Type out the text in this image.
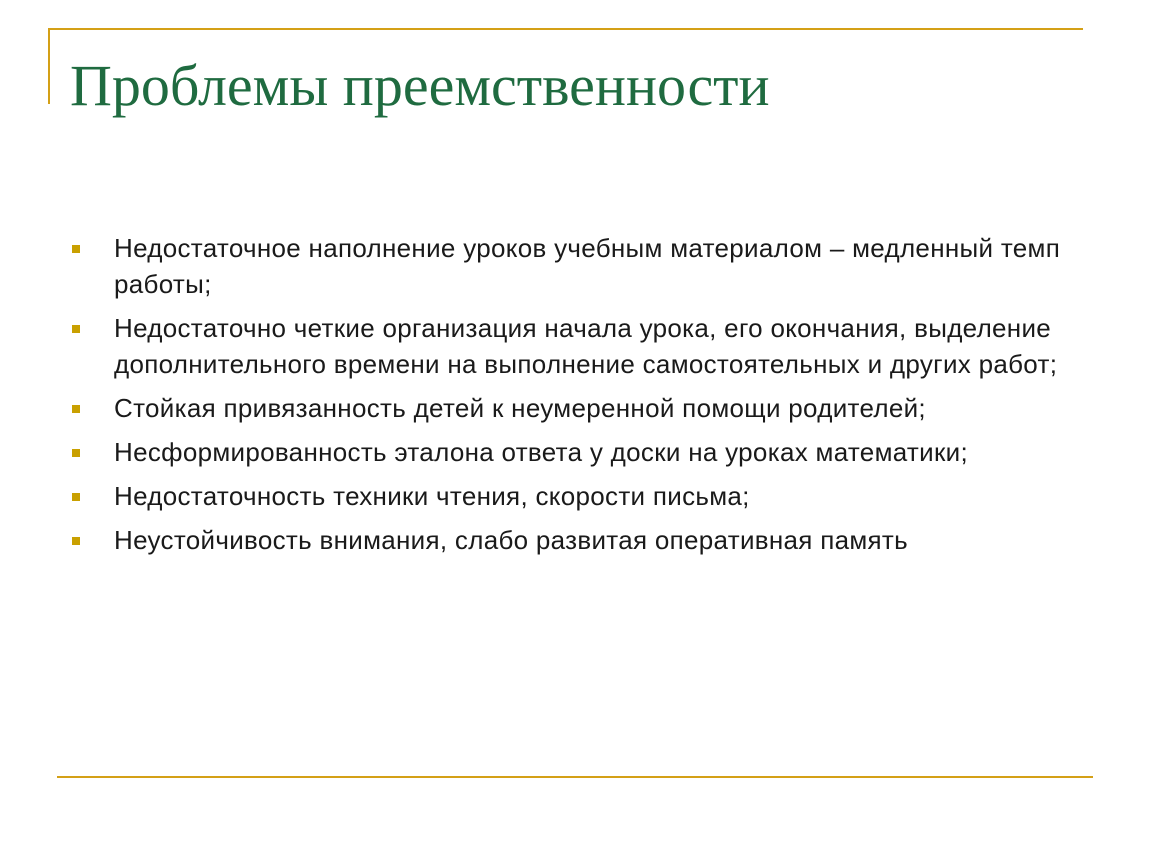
Проблемы преемственности
Недостаточное наполнение уроков учебным материалом – медленный темп работы;
Недостаточно четкие организация начала урока, его окончания, выделение дополнительного времени на выполнение самостоятельных и других работ;
Стойкая привязанность детей к неумеренной помощи родителей;
Несформированность эталона ответа у доски на уроках математики;
Недостаточность техники чтения, скорости письма;
Неустойчивость внимания, слабо развитая оперативная память
